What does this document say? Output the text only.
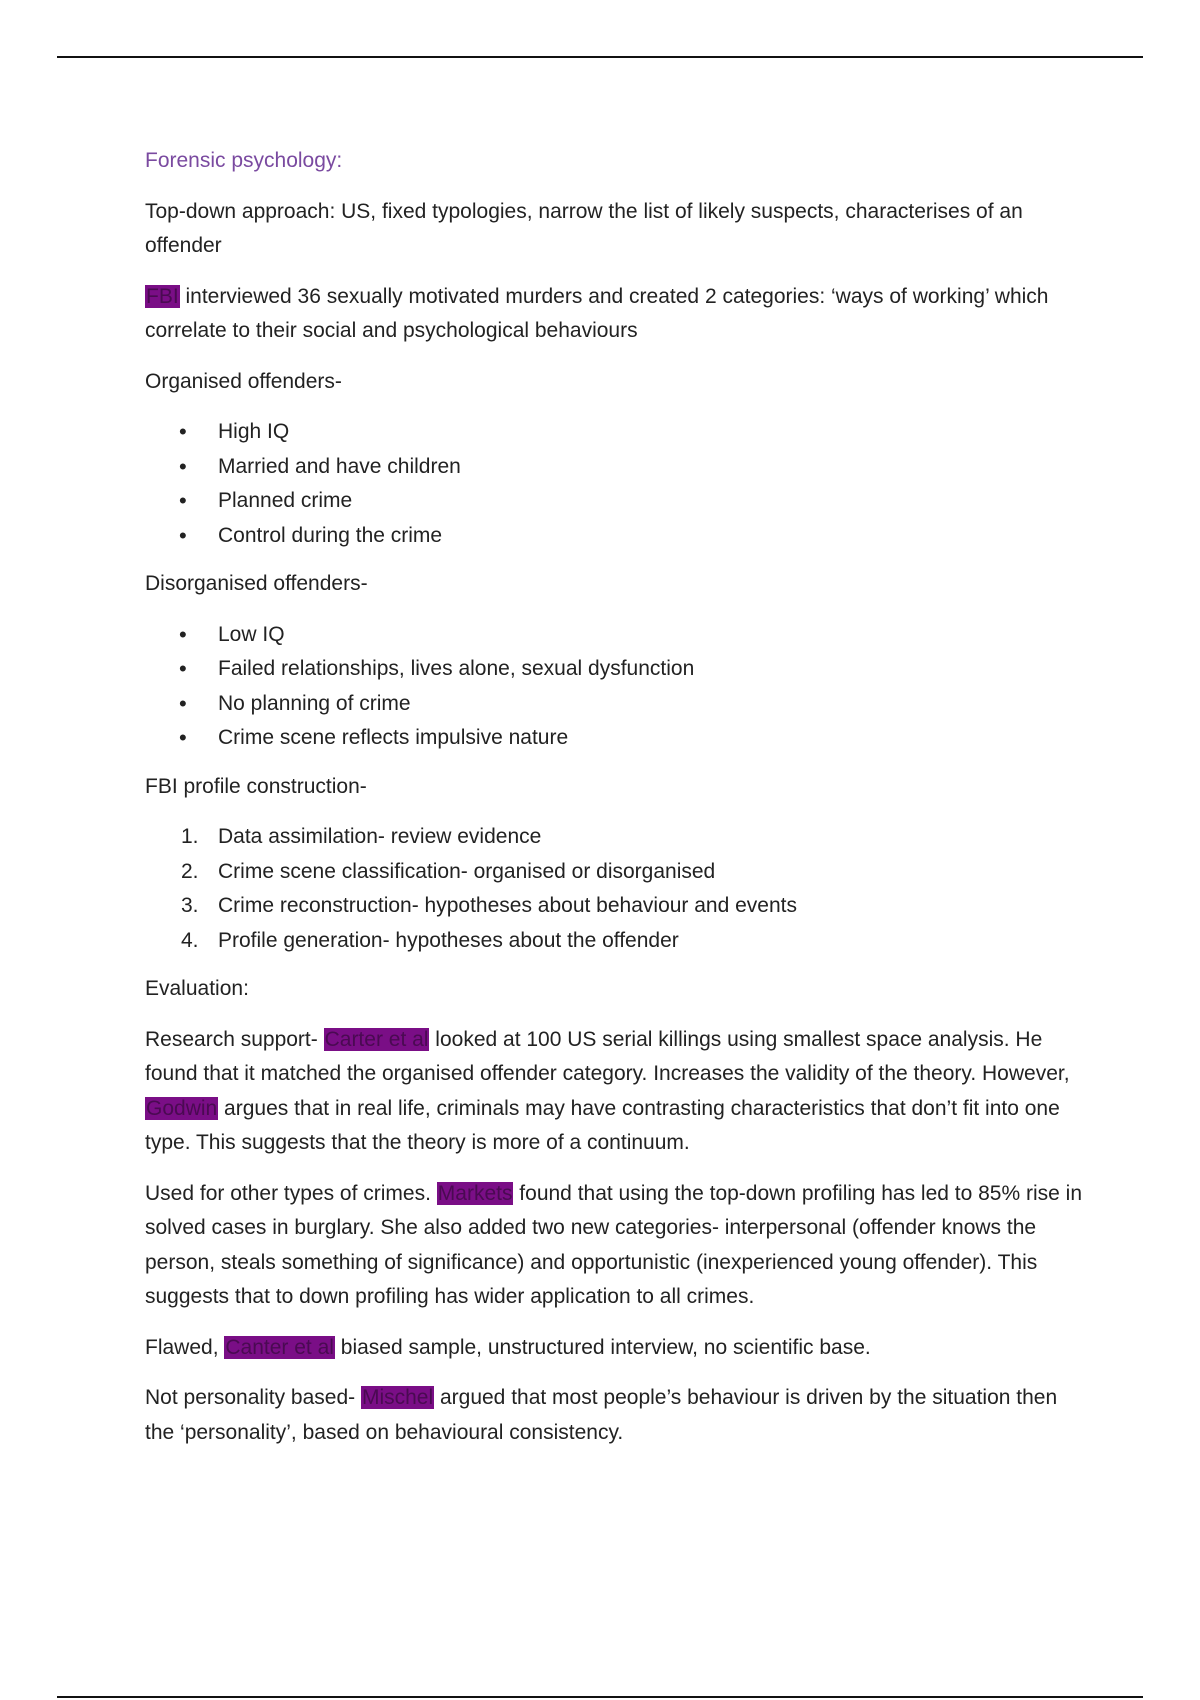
Forensic psychology:

Top-down approach: US, fixed typologies, narrow the list of likely suspects, characterises of an offender

FBI interviewed 36 sexually motivated murders and created 2 categories: ‘ways of working’ which correlate to their social and psychological behaviours

Organised offenders-

• High IQ
• Married and have children
• Planned crime
• Control during the crime

Disorganised offenders-

• Low IQ
• Failed relationships, lives alone, sexual dysfunction
• No planning of crime
• Crime scene reflects impulsive nature

FBI profile construction-

1. Data assimilation- review evidence
2. Crime scene classification- organised or disorganised
3. Crime reconstruction- hypotheses about behaviour and events
4. Profile generation- hypotheses about the offender

Evaluation:

Research support- Carter et al looked at 100 US serial killings using smallest space analysis. He found that it matched the organised offender category. Increases the validity of the theory. However, Godwin argues that in real life, criminals may have contrasting characteristics that don’t fit into one type. This suggests that the theory is more of a continuum.

Used for other types of crimes. Markets found that using the top-down profiling has led to 85% rise in solved cases in burglary. She also added two new categories- interpersonal (offender knows the person, steals something of significance) and opportunistic (inexperienced young offender). This suggests that to down profiling has wider application to all crimes.

Flawed, Canter et al biased sample, unstructured interview, no scientific base.

Not personality based- Mischel argued that most people’s behaviour is driven by the situation then the ‘personality’, based on behavioural consistency.
